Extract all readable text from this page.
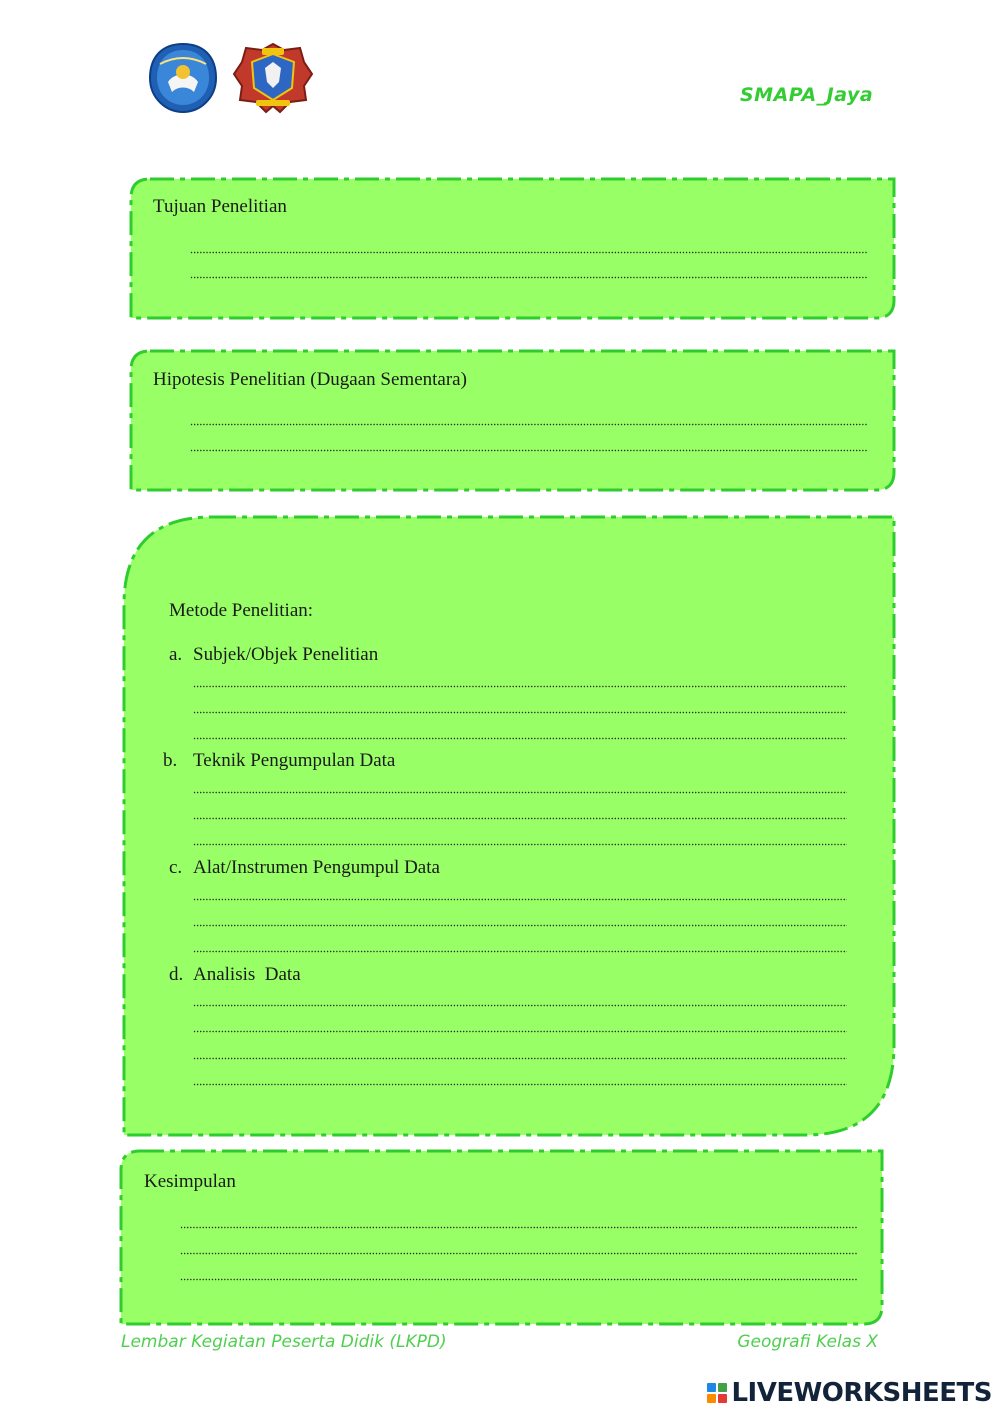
SMAPA_Jaya
Tujuan Penelitian
Hipotesis Penelitian (Dugaan Sementara)
Metode Penelitian:
a. Subjek/Objek Penelitian
b. Teknik Pengumpulan Data
c. Alat/Instrumen Pengumpul Data
d. Analisis  Data
Kesimpulan
Lembar Kegiatan Peserta Didik (LKPD)	Geografi Kelas X
LIVEWORKSHEETS
